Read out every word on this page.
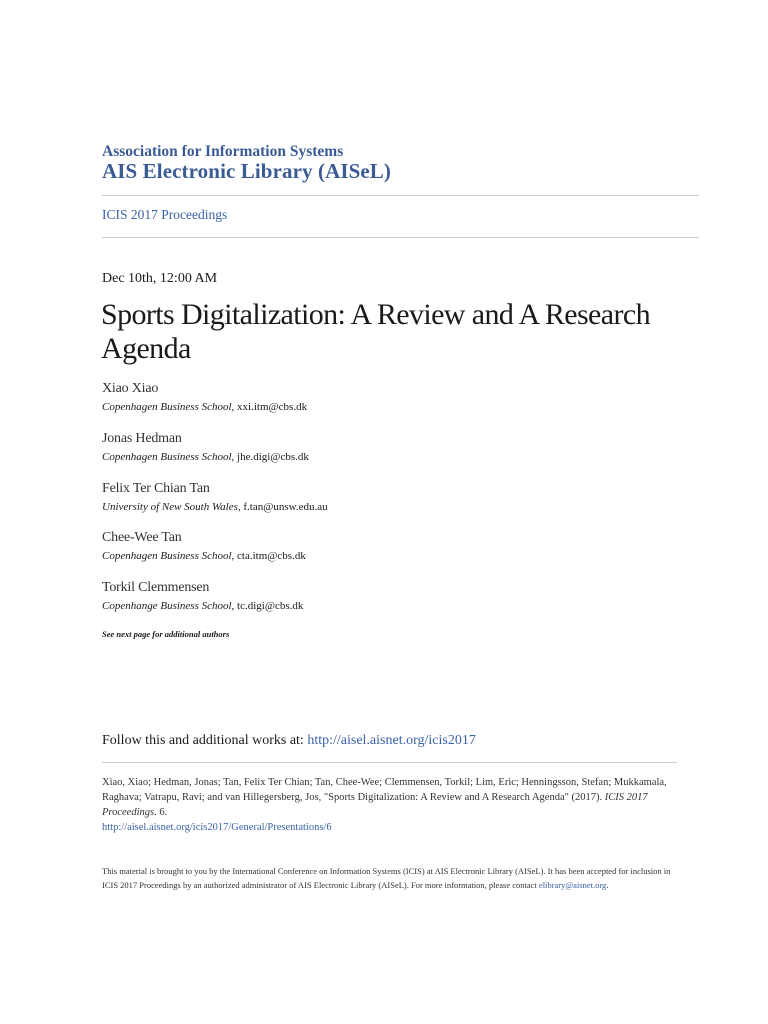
Association for Information Systems
AIS Electronic Library (AISeL)
ICIS 2017 Proceedings
Dec 10th, 12:00 AM
Sports Digitalization: A Review and A Research Agenda

Xiao Xiao

Copenhagen Business School, xxi.itm@cbs.dk

Jonas Hedman

Copenhagen Business School, jhe.digi@cbs.dk

Felix Ter Chian Tan

University of New South Wales, f.tan@unsw.edu.au

Chee-Wee Tan

Copenhagen Business School, cta.itm@cbs.dk

Torkil Clemmensen

Copenhange Business School, tc.digi@cbs.dk

See next page for additional authors
Follow this and additional works at: http://aisel.aisnet.org/icis2017
Xiao, Xiao; Hedman, Jonas; Tan, Felix Ter Chian; Tan, Chee-Wee; Clemmensen, Torkil; Lim, Eric; Henningsson, Stefan; Mukkamala, Raghava; Vatrapu, Ravi; and van Hillegersberg, Jos, "Sports Digitalization: A Review and A Research Agenda" (2017). ICIS 2017 Proceedings. 6.
http://aisel.aisnet.org/icis2017/General/Presentations/6
This material is brought to you by the International Conference on Information Systems (ICIS) at AIS Electronic Library (AISeL). It has been accepted for inclusion in ICIS 2017 Proceedings by an authorized administrator of AIS Electronic Library (AISeL). For more information, please contact elibrary@aisnet.org.
